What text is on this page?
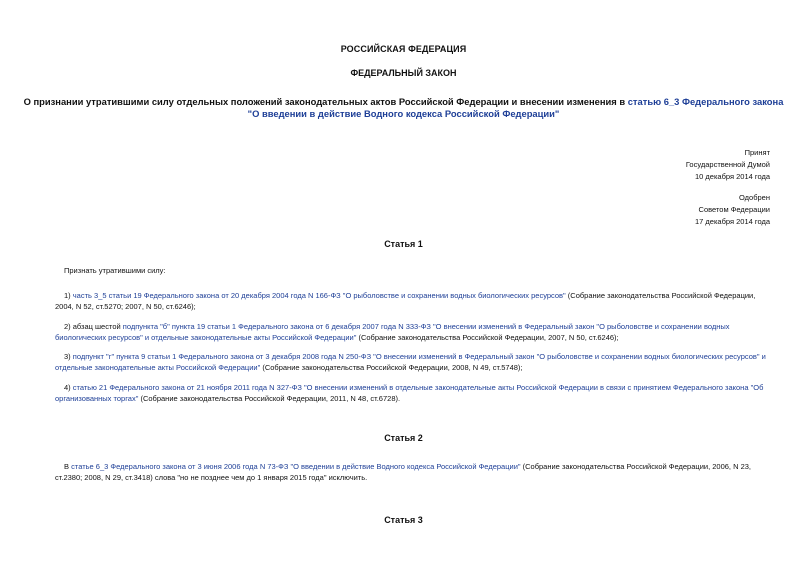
РОССИЙСКАЯ ФЕДЕРАЦИЯ
ФЕДЕРАЛЬНЫЙ ЗАКОН
О признании утратившими силу отдельных положений законодательных актов Российской Федерации и внесении изменения в статью 6_3 Федерального закона
"О введении в действие Водного кодекса Российской Федерации"
Принят
Государственной Думой
10 декабря 2014 года
Одобрен
Советом Федерации
17 декабря 2014 года
Статья 1
Признать утратившими силу:
1) часть 3_5 статьи 19 Федерального закона от 20 декабря 2004 года N 166-ФЗ "О рыболовстве и сохранении водных биологических ресурсов" (Собрание законодательства Российской Федерации, 2004, N 52, ст.5270; 2007, N 50, ст.6246);
2) абзац шестой подпункта "б" пункта 19 статьи 1 Федерального закона от 6 декабря 2007 года N 333-ФЗ "О внесении изменений в Федеральный закон "О рыболовстве и сохранении водных биологических ресурсов" и отдельные законодательные акты Российской Федерации" (Собрание законодательства Российской Федерации, 2007, N 50, ст.6246);
3) подпункт "г" пункта 9 статьи 1 Федерального закона от 3 декабря 2008 года N 250-ФЗ "О внесении изменений в Федеральный закон "О рыболовстве и сохранении водных биологических ресурсов" и отдельные законодательные акты Российской Федерации" (Собрание законодательства Российской Федерации, 2008, N 49, ст.5748);
4) статью 21 Федерального закона от 21 ноября 2011 года N 327-ФЗ "О внесении изменений в отдельные законодательные акты Российской Федерации в связи с принятием Федерального закона "Об организованных торгах" (Собрание законодательства Российской Федерации, 2011, N 48, ст.6728).
Статья 2
В статье 6_3 Федерального закона от 3 июня 2006 года N 73-ФЗ "О введении в действие Водного кодекса Российской Федерации" (Собрание законодательства Российской Федерации, 2006, N 23, ст.2380; 2008, N 29, ст.3418) слова "но не позднее чем до 1 января 2015 года" исключить.
Статья 3
